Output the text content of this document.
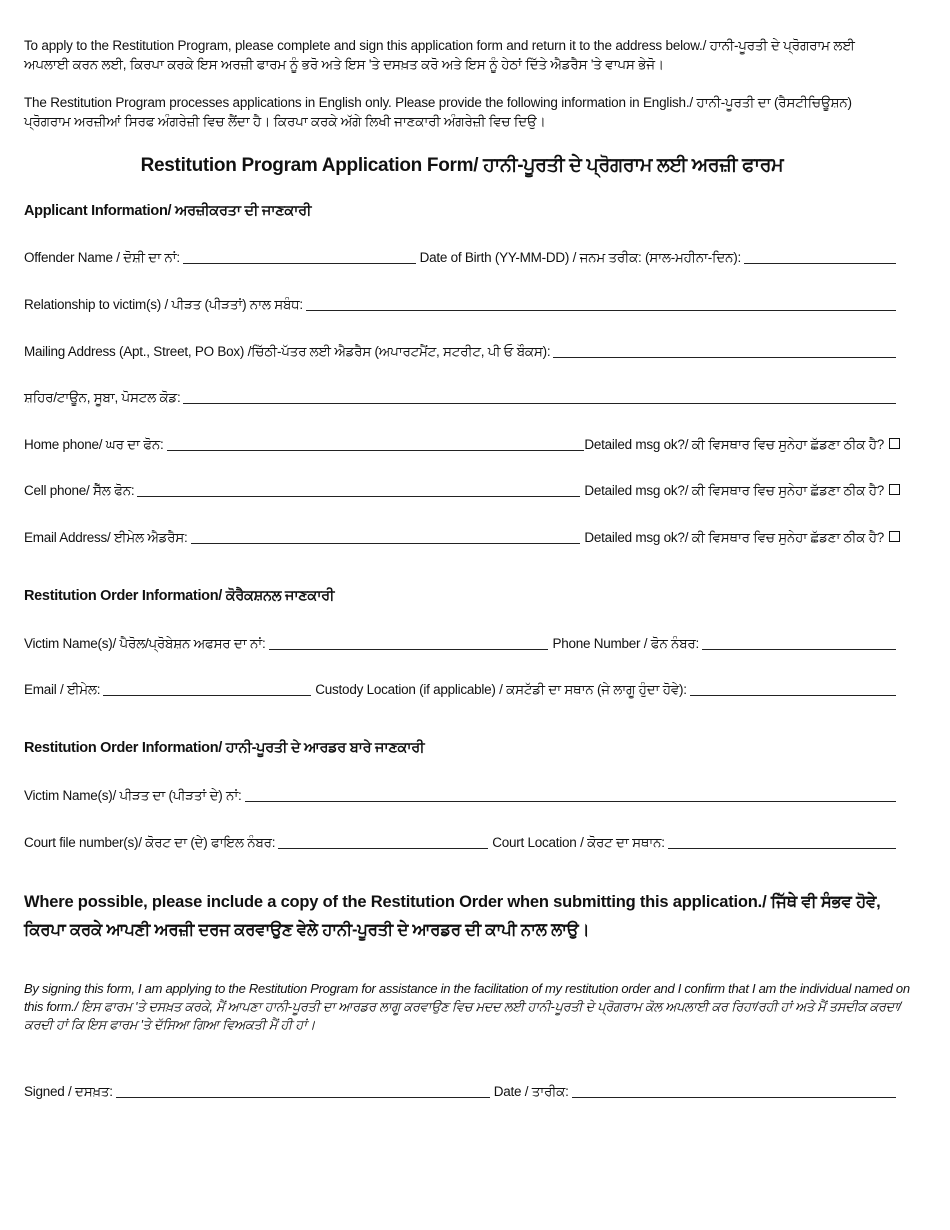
To apply to the Restitution Program, please complete and sign this application form and return it to the address below./ ਹਾਨੀ-ਪੂਰਤੀ ਦੇ ਪ੍ਰੋਗਰਾਮ ਲਈ ਅਪਲਾਈ ਕਰਨ ਲਈ, ਕਿਰਪਾ ਕਰਕੇ ਇਸ ਅਰਜ਼ੀ ਫਾਰਮ ਨੂੰ ਭਰੋ ਅਤੇ ਇਸ 'ਤੇ ਦਸਖ਼ਤ ਕਰੋ ਅਤੇ ਇਸ ਨੂੰ ਹੇਠਾਂ ਦਿੱਤੇ ਐਡਰੈਸ 'ਤੇ ਵਾਪਸ ਭੇਜੋ।

The Restitution Program processes applications in English only. Please provide the following information in English./ ਹਾਨੀ-ਪੂਰਤੀ ਦਾ (ਰੈਸਟੀਚਿਊਸ਼ਨ) ਪ੍ਰੋਗਰਾਮ ਅਰਜ਼ੀਆਂ ਸਿਰਫ ਅੰਗਰੇਜ਼ੀ ਵਿਚ ਲੈਂਦਾ ਹੈ। ਕਿਰਪਾ ਕਰਕੇ ਅੱਗੇ ਲਿਖੀ ਜਾਣਕਾਰੀ ਅੰਗਰੇਜ਼ੀ ਵਿਚ ਦਿਉ।

Restitution Program Application Form/ ਹਾਨੀ-ਪੂਰਤੀ ਦੇ ਪ੍ਰੋਗਰਾਮ ਲਈ ਅਰਜ਼ੀ ਫਾਰਮ
Applicant Information/ ਅਰਜ਼ੀਕਰਤਾ ਦੀ ਜਾਣਕਾਰੀ
Offender Name / ਦੋਸ਼ੀ ਦਾ ਨਾਂ:	Date of Birth (YY-MM-DD) / ਜਨਮ ਤਰੀਕ: (ਸਾਲ-ਮਹੀਨਾ-ਦਿਨ):
Relationship to victim(s) / ਪੀੜਤ (ਪੀੜਤਾਂ) ਨਾਲ ਸਬੰਧ:
Mailing Address (Apt., Street, PO Box) /ਚਿੱਠੀ-ਪੱਤਰ ਲਈ ਐਡਰੈਸ (ਅਪਾਰਟਮੈਂਟ, ਸਟਰੀਟ, ਪੀ ਓ ਬੌਕਸ):
ਸ਼ਹਿਰ/ਟਾਊਨ, ਸੂਬਾ, ਪੋਸਟਲ ਕੋਡ:
Home phone/ ਘਰ ਦਾ ਫੋਨ:	Detailed msg ok?/ ਕੀ ਵਿਸਥਾਰ ਵਿਚ ਸੁਨੇਹਾ ਛੱਡਣਾ ਠੀਕ ਹੈ?
Cell phone/ ਸੈੱਲ ਫੋਨ:	Detailed msg ok?/ ਕੀ ਵਿਸਥਾਰ ਵਿਚ ਸੁਨੇਹਾ ਛੱਡਣਾ ਠੀਕ ਹੈ?
Email Address/ ਈਮੇਲ ਐਡਰੈਸ:	Detailed msg ok?/ ਕੀ ਵਿਸਥਾਰ ਵਿਚ ਸੁਨੇਹਾ ਛੱਡਣਾ ਠੀਕ ਹੈ?
Restitution Order Information/ ਕੋਰੈਕਸ਼ਨਲ ਜਾਣਕਾਰੀ
Victim Name(s)/ ਪੈਰੋਲ/ਪ੍ਰੋਬੇਸ਼ਨ ਅਫਸਰ ਦਾ ਨਾਂ:	Phone Number / ਫੋਨ ਨੰਬਰ:
Email / ਈਮੇਲ:	Custody Location (if applicable) / ਕਸਟੱਡੀ ਦਾ ਸਥਾਨ (ਜੇ ਲਾਗੂ ਹੁੰਦਾ ਹੋਵੇ):
Restitution Order Information/ ਹਾਨੀ-ਪੂਰਤੀ ਦੇ ਆਰਡਰ ਬਾਰੇ ਜਾਣਕਾਰੀ
Victim Name(s)/ ਪੀੜਤ ਦਾ (ਪੀੜਤਾਂ ਦੇ) ਨਾਂ:
Court file number(s)/ ਕੋਰਟ ਦਾ (ਦੇ) ਫਾਇਲ ਨੰਬਰ:	Court Location / ਕੋਰਟ ਦਾ ਸਥਾਨ:
Where possible, please include a copy of the Restitution Order when submitting this application./ ਜਿੱਥੇ ਵੀ ਸੰਭਵ ਹੋਵੇ, ਕਿਰਪਾ ਕਰਕੇ ਆਪਣੀ ਅਰਜ਼ੀ ਦਰਜ ਕਰਵਾਉਣ ਵੇਲੇ ਹਾਨੀ-ਪੂਰਤੀ ਦੇ ਆਰਡਰ ਦੀ ਕਾਪੀ ਨਾਲ ਲਾਉ।
By signing this form, I am applying to the Restitution Program for assistance in the facilitation of my restitution order and I confirm that I am the individual named on this form./ ਇਸ ਫਾਰਮ 'ਤੇ ਦਸਖ਼ਤ ਕਰਕੇ, ਮੈਂ ਆਪਣਾ ਹਾਨੀ-ਪੂਰਤੀ ਦਾ ਆਰਡਰ ਲਾਗੂ ਕਰਵਾਉਣ ਵਿਚ ਮਦਦ ਲਈ ਹਾਨੀ-ਪੂਰਤੀ ਦੇ ਪ੍ਰੋਗਰਾਮ ਕੋਲ ਅਪਲਾਈ ਕਰ ਰਿਹਾ/ਰਹੀ ਹਾਂ ਅਤੇ ਮੈਂ ਤਸਦੀਕ ਕਰਦਾ/ਕਰਦੀ ਹਾਂ ਕਿ ਇਸ ਫਾਰਮ 'ਤੇ ਦੱਸਿਆ ਗਿਆ ਵਿਅਕਤੀ ਮੈਂ ਹੀ ਹਾਂ।
Signed / ਦਸਖ਼ਤ:	Date / ਤਾਰੀਕ:
